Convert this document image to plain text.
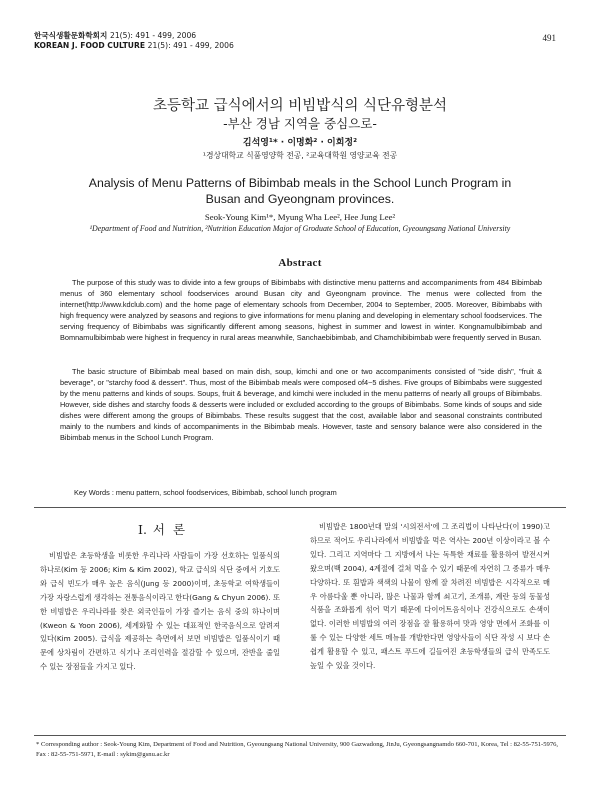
한국식생활문화학회지 21(5): 491 - 499, 2006
KOREAN J. FOOD CULTURE 21(5): 491 - 499, 2006
491
초등학교 급식에서의 비빔밥식의 식단유형분석
-부산 경남 지역을 중심으로-
김석영¹* · 이명화² · 이희정²
¹경상대학교 식품영양학 전공, ²교육대학원 영양교육 전공
Analysis of Menu Patterns of Bibimbab meals in the School Lunch Program in Busan and Gyeongnam provinces.
Seok-Young Kim¹*, Myung Wha Lee², Hee Jung Lee²
¹Department of Food and Nutrition, ²Nutrition Education Major of Groduate School of Education, Gyeoungsang National University
Abstract

The purpose of this study was to divide into a few groups of Bibimbabs with distinctive menu patterns and accompaniments from 484 Bibimbab menus of 360 elementary school foodservices around Busan city and Gyeongnam province. The menus were collected from the internet(http://www.kdclub.com) and the home page of elementary schools from December, 2004 to September, 2005. Moreover, Bibimbabs with high frequency were analyzed by seasons and regions to give informations for menu planing and developing in elementary school foodservices. The serving frequency of Bibimbabs was significantly different among seasons, highest in summer and lowest in winter. Kongnamulbibimbab and Bomnamulbibimbab were highest in frequency in rural areas meanwhile, Sanchaebibimbab, and Chamchibibimbab were frequently served in Busan.

The basic structure of Bibimbab meal based on main dish, soup, kimchi and one or two accompaniments consisted of "side dish", "fruit & beverage", or "starchy food & dessert". Thus, most of the Bibimbab meals were composed of4~5 dishes. Five groups of Bibimbabs were suggested by the menu patterns and kinds of soups. Soups, fruit & beverage, and kimchi were included in the menu patterns of nearly all groups of Bibimbabs. However, side dishes and starchy foods & desserts were included or excluded according to the groups of Bibimbabs. Some kinds of soups and side dishes were different among the groups of Bibimbabs. These results suggest that the cost, available labor and seasonal constraints contributed mainly to the numbers and kinds of accompaniments in the Bibimbab meals. However, taste and sensory balance were also considered in the Bibimbab menus in the School Lunch Program.

Key Words : menu pattern, school foodservices, Bibimbab, school lunch program
I. 서 론

비빔밥은 초등학생을 비롯한 우리나라 사람들이 가장 선호하는 일품식의 하나로(Kim 등 2006; Kim & Kim 2002), 학교 급식의 식단 중에서 기호도와 급식 빈도가 매우 높은 음식(Jung 등 2000)이며, 초등학교 여학생들이 가장 자랑스럽게 생각하는 전통음식이라고 한다(Gang & Chyun 2006). 또한 비빔밥은 우리나라를 찾은 외국인들이 가장 즐기는 음식 중의 하나이며 (Kweon & Yoon 2006), 세계화할 수 있는 대표적인 한국음식으로 알려져 있다(Kim 2005). 급식을 제공하는 측면에서 보면 비빔밥은 일품식이기 때문에 상차림이 간편하고 식기나 조리인력을 절감할 수 있으며, 잔반을 줄일 수 있는 장점들을 가지고 있다.

비빔밥은 1800년대 말의 '시의전서'에 그 조리법이 나타난다(이 1990)고 하므로 적어도 우리나라에서 비빔밥을 먹은 역사는 200년 이상이라고 볼 수 있다. 그리고 지역마다 그 지방에서 나는 독특한 재료를 활용하여 발전시켜 왔으며(백 2004), 4계절에 걸쳐 먹을 수 있기 때문에 자연히 그 종류가 매우 다양하다. 또 흰밥과 색색의 나물이 함께 잘 차려진 비빔밥은 시각적으로 매우 아름다울 뿐 아니라, 많은 나물과 함께 쇠고기, 조개류, 계란 등의 동물성 식품을 조화롭게 섞어 먹기 때문에 다이어트음식이나 건강식으로도 손색이 없다. 이러한 비빔밥의 여러 장점을 잘 활용하여 맛과 영양 면에서 조화를 이룰 수 있는 다양한 세트 메뉴를 개발한다면 영양사들이 식단 작성 시 보다 손쉽게 활용할 수 있고, 패스트 푸드에 길들여진 초등학생들의 급식 만족도도 높일 수 있을 것이다.

* Corresponding author : Seok-Young Kim, Department of Food and Nutrition, Gyeoungsang National University, 900 Gazwadong, JinJu, Gyeongsangnamdo 660-701, Korea, Tel : 82-55-751-5976, Fax : 82-55-751-5971, E-mail : sykim@gsnu.ac.kr
